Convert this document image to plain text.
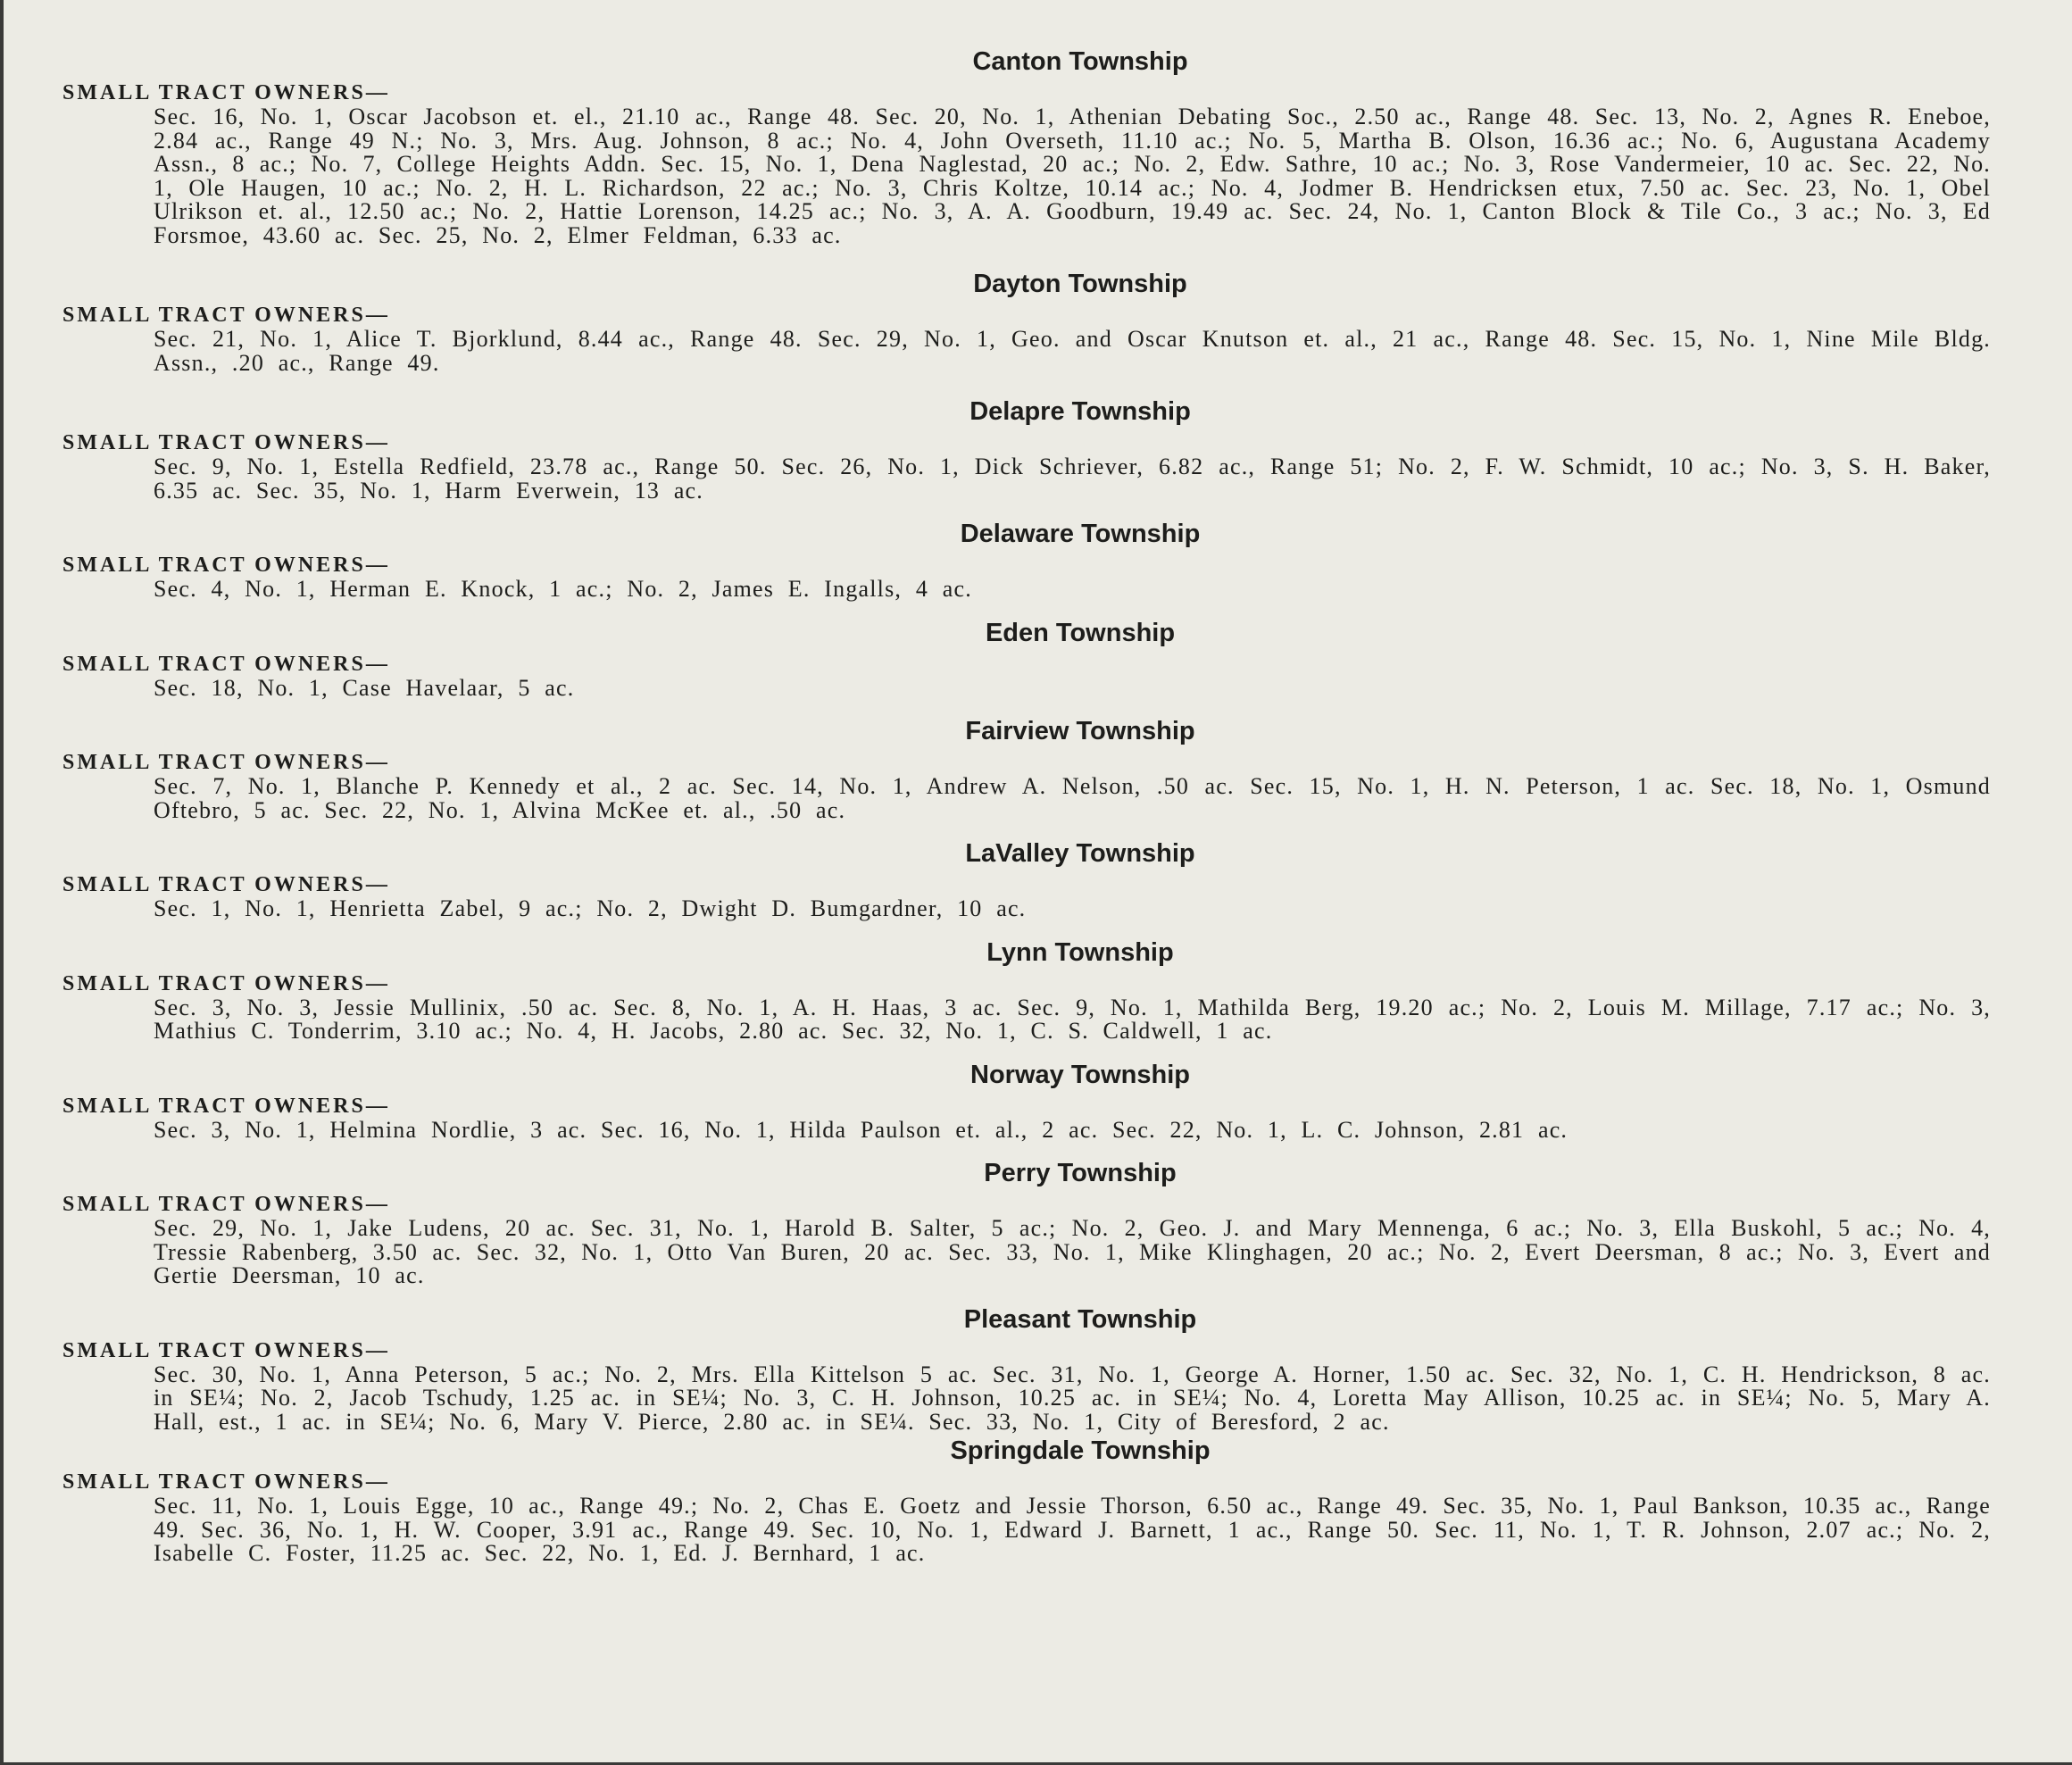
Canton Township
SMALL TRACT OWNERS—
Sec. 16, No. 1, Oscar Jacobson et. el., 21.10 ac., Range 48. Sec. 20, No. 1, Athenian Debating Soc., 2.50 ac., Range 48. Sec. 13, No. 2, Agnes R. Eneboe, 2.84 ac., Range 49 N.; No. 3, Mrs. Aug. Johnson, 8 ac.; No. 4, John Overseth, 11.10 ac.; No. 5, Martha B. Olson, 16.36 ac.; No. 6, Augustana Academy Assn., 8 ac.; No. 7, College Heights Addn. Sec. 15, No. 1, Dena Naglestad, 20 ac.; No. 2, Edw. Sathre, 10 ac.; No. 3, Rose Vandermeier, 10 ac. Sec. 22, No. 1, Ole Haugen, 10 ac.; No. 2, H. L. Richardson, 22 ac.; No. 3, Chris Koltze, 10.14 ac.; No. 4, Jodmer B. Hendricksen etux, 7.50 ac. Sec. 23, No. 1, Obel Ulrikson et. al., 12.50 ac.; No. 2, Hattie Lorenson, 14.25 ac.; No. 3, A. A. Goodburn, 19.49 ac. Sec. 24, No. 1, Canton Block & Tile Co., 3 ac.; No. 3, Ed Forsmoe, 43.60 ac. Sec. 25, No. 2, Elmer Feldman, 6.33 ac.
Dayton Township
SMALL TRACT OWNERS—
Sec. 21, No. 1, Alice T. Bjorklund, 8.44 ac., Range 48. Sec. 29, No. 1, Geo. and Oscar Knutson et. al., 21 ac., Range 48. Sec. 15, No. 1, Nine Mile Bldg. Assn., .20 ac., Range 49.
Delapre Township
SMALL TRACT OWNERS—
Sec. 9, No. 1, Estella Redfield, 23.78 ac., Range 50. Sec. 26, No. 1, Dick Schriever, 6.82 ac., Range 51; No. 2, F. W. Schmidt, 10 ac.; No. 3, S. H. Baker, 6.35 ac. Sec. 35, No. 1, Harm Everwein, 13 ac.
Delaware Township
SMALL TRACT OWNERS—
Sec. 4, No. 1, Herman E. Knock, 1 ac.; No. 2, James E. Ingalls, 4 ac.
Eden Township
SMALL TRACT OWNERS—
Sec. 18, No. 1, Case Havelaar, 5 ac.
Fairview Township
SMALL TRACT OWNERS—
Sec. 7, No. 1, Blanche P. Kennedy et al., 2 ac. Sec. 14, No. 1, Andrew A. Nelson, .50 ac. Sec. 15, No. 1, H. N. Peterson, 1 ac. Sec. 18, No. 1, Osmund Oftebro, 5 ac. Sec. 22, No. 1, Alvina McKee et. al., .50 ac.
LaValley Township
SMALL TRACT OWNERS—
Sec. 1, No. 1, Henrietta Zabel, 9 ac.; No. 2, Dwight D. Bumgardner, 10 ac.
Lynn Township
SMALL TRACT OWNERS—
Sec. 3, No. 3, Jessie Mullinix, .50 ac. Sec. 8, No. 1, A. H. Haas, 3 ac. Sec. 9, No. 1, Mathilda Berg, 19.20 ac.; No. 2, Louis M. Millage, 7.17 ac.; No. 3, Mathius C. Tonderrim, 3.10 ac.; No. 4, H. Jacobs, 2.80 ac. Sec. 32, No. 1, C. S. Caldwell, 1 ac.
Norway Township
SMALL TRACT OWNERS—
Sec. 3, No. 1, Helmina Nordlie, 3 ac. Sec. 16, No. 1, Hilda Paulson et. al., 2 ac. Sec. 22, No. 1, L. C. Johnson, 2.81 ac.
Perry Township
SMALL TRACT OWNERS—
Sec. 29, No. 1, Jake Ludens, 20 ac. Sec. 31, No. 1, Harold B. Salter, 5 ac.; No. 2, Geo. J. and Mary Mennenga, 6 ac.; No. 3, Ella Buskohl, 5 ac.; No. 4, Tressie Rabenberg, 3.50 ac. Sec. 32, No. 1, Otto Van Buren, 20 ac. Sec. 33, No. 1, Mike Klinghagen, 20 ac.; No. 2, Evert Deersman, 8 ac.; No. 3, Evert and Gertie Deersman, 10 ac.
Pleasant Township
SMALL TRACT OWNERS—
Sec. 30, No. 1, Anna Peterson, 5 ac.; No. 2, Mrs. Ella Kittelson 5 ac. Sec. 31, No. 1, George A. Horner, 1.50 ac. Sec. 32, No. 1, C. H. Hendrickson, 8 ac. in SE¼; No. 2, Jacob Tschudy, 1.25 ac. in SE¼; No. 3, C. H. Johnson, 10.25 ac. in SE¼; No. 4, Loretta May Allison, 10.25 ac. in SE¼; No. 5, Mary A. Hall, est., 1 ac. in SE¼; No. 6, Mary V. Pierce, 2.80 ac. in SE¼. Sec. 33, No. 1, City of Beresford, 2 ac.
Springdale Township
SMALL TRACT OWNERS—
Sec. 11, No. 1, Louis Egge, 10 ac., Range 49.; No. 2, Chas E. Goetz and Jessie Thorson, 6.50 ac., Range 49. Sec. 35, No. 1, Paul Bankson, 10.35 ac., Range 49. Sec. 36, No. 1, H. W. Cooper, 3.91 ac., Range 49. Sec. 10, No. 1, Edward J. Barnett, 1 ac., Range 50. Sec. 11, No. 1, T. R. Johnson, 2.07 ac.; No. 2, Isabelle C. Foster, 11.25 ac. Sec. 22, No. 1, Ed. J. Bernhard, 1 ac.
